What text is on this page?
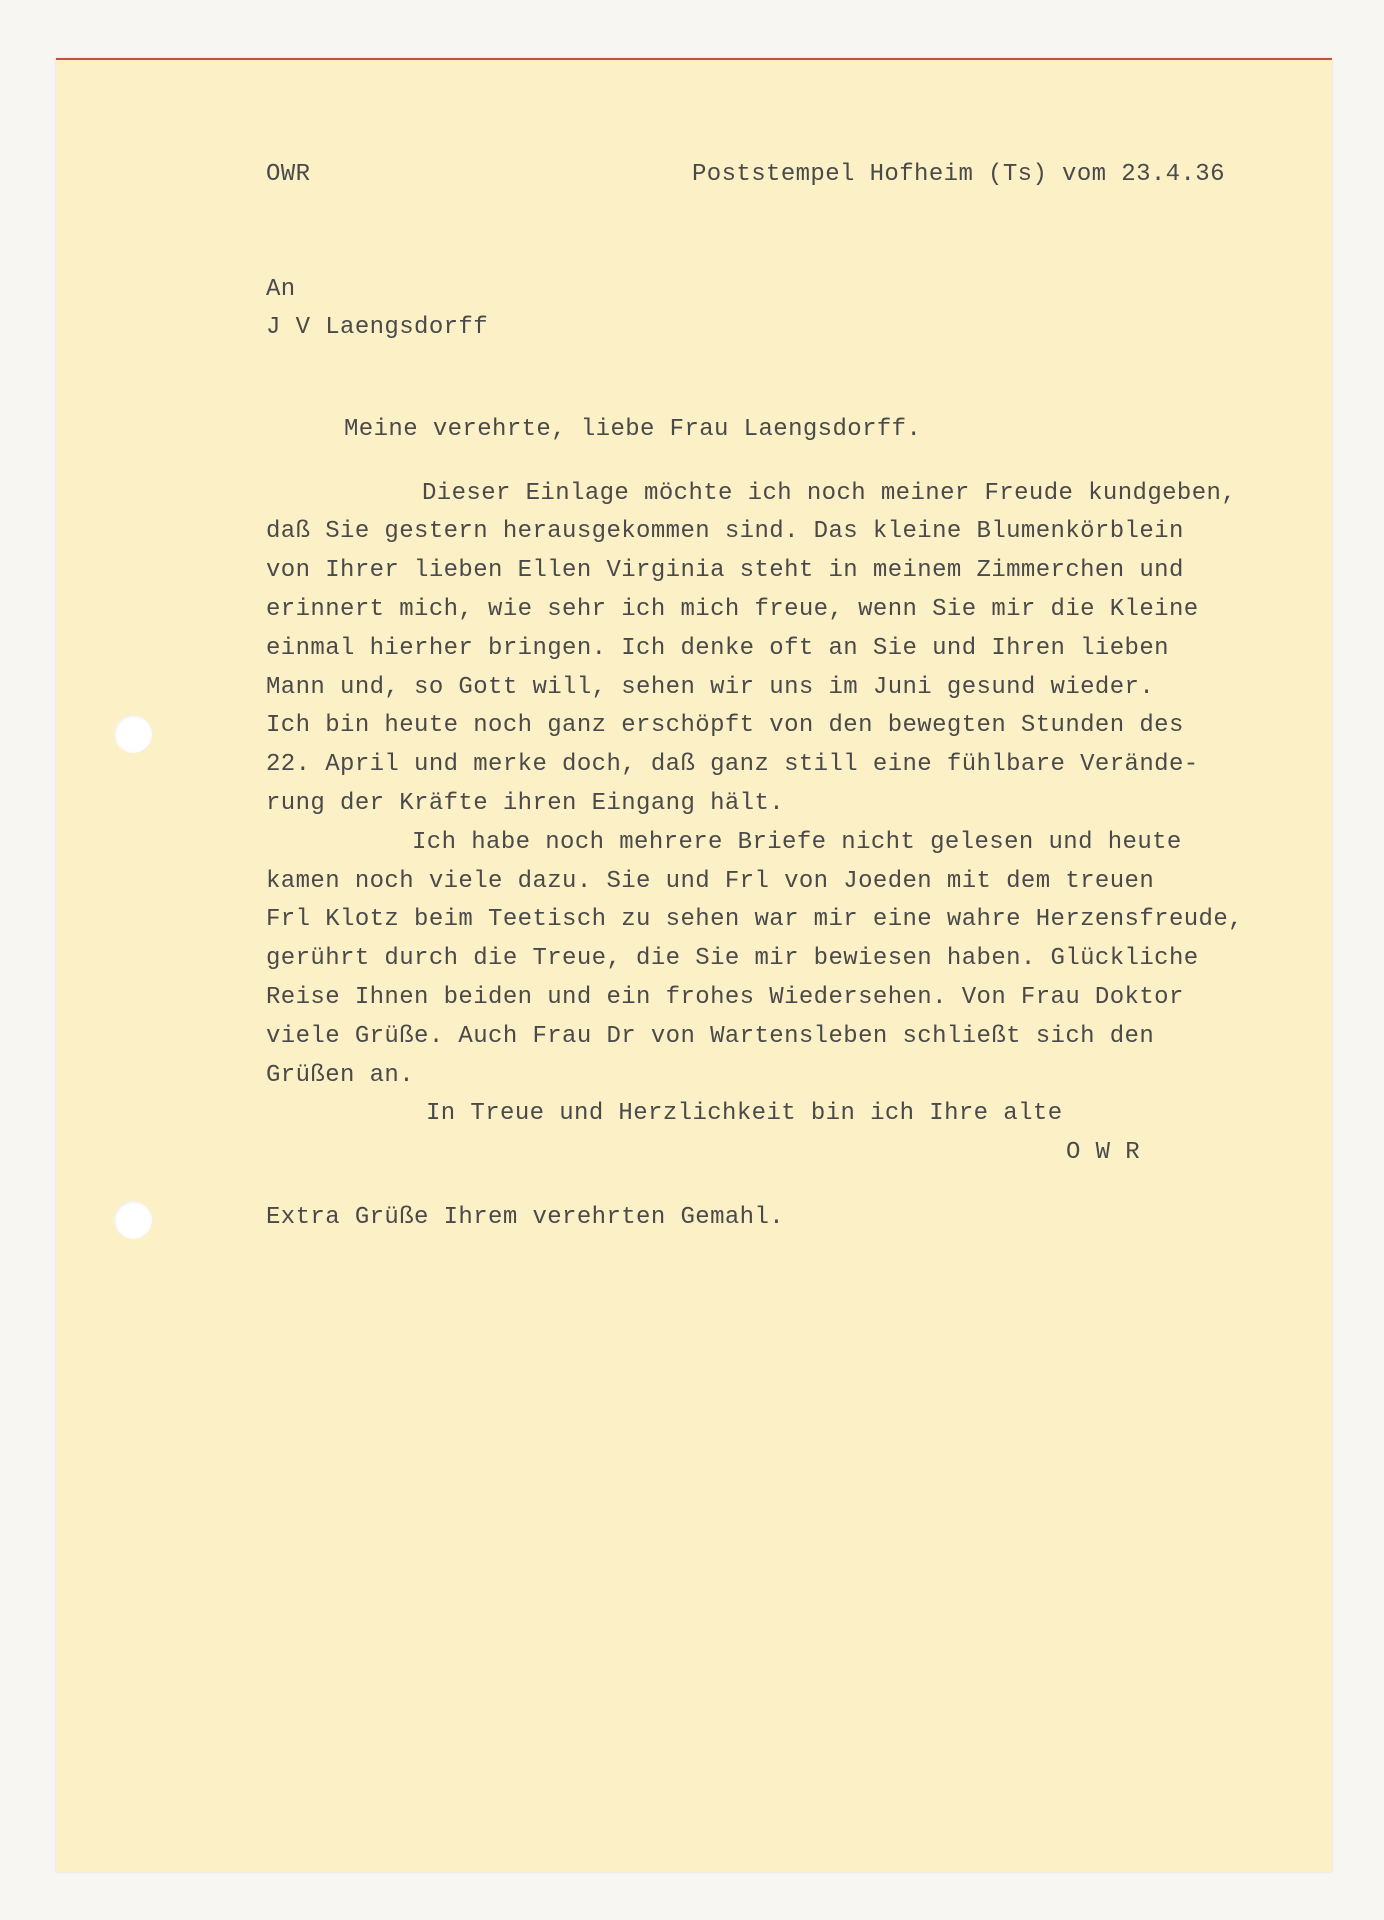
OWR	Poststempel Hofheim (Ts) vom 23.4.36
An
J V Laengsdorff
Meine verehrte, liebe Frau Laengsdorff.
Dieser Einlage möchte ich noch meiner Freude kundgeben,
daß Sie gestern herausgekommen sind. Das kleine Blumenkörblein
von Ihrer lieben Ellen Virginia steht in meinem Zimmerchen und
erinnert mich, wie sehr ich mich freue, wenn Sie mir die Kleine
einmal hierher bringen. Ich denke oft an Sie und Ihren lieben
Mann und, so Gott will, sehen wir uns im Juni gesund wieder.
Ich bin heute noch ganz erschöpft von den bewegten Stunden des
22. April und merke doch, daß ganz still eine fühlbare Verände-
rung der Kräfte ihren Eingang hält.
Ich habe noch mehrere Briefe nicht gelesen und heute
kamen noch viele dazu. Sie und Frl von Joeden mit dem treuen
Frl Klotz beim Teetisch zu sehen war mir eine wahre Herzensfreude,
gerührt durch die Treue, die Sie mir bewiesen haben. Glückliche
Reise Ihnen beiden und ein frohes Wiedersehen. Von Frau Doktor
viele Grüße. Auch Frau Dr von Wartensleben schließt sich den
Grüßen an.
In Treue und Herzlichkeit bin ich Ihre alte
O W R
Extra Grüße Ihrem verehrten Gemahl.
